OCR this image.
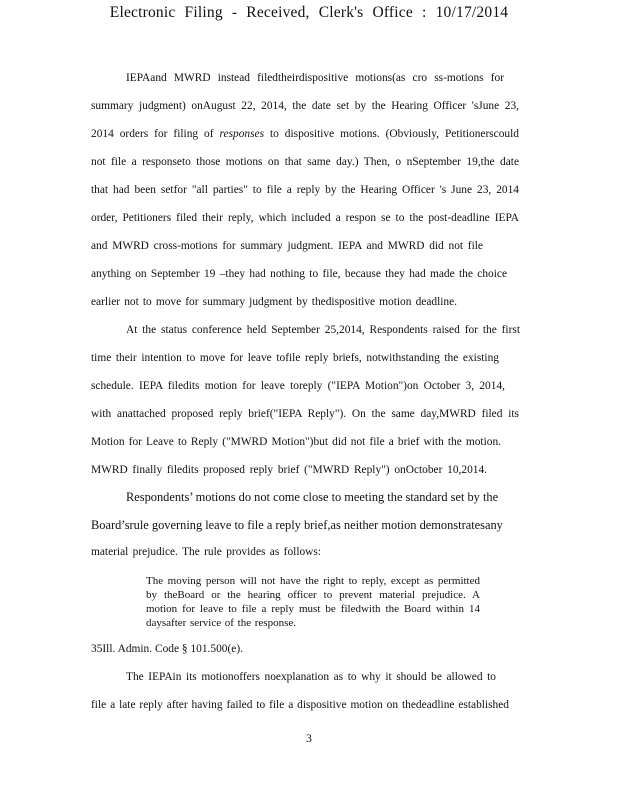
Electronic Filing - Received, Clerk's Office : 10/17/2014
IEPAand MWRD instead filedtheirdispositive motions(as cro ss-motions for
summary judgment) onAugust 22, 2014, the date set by the Hearing Officer 'sJune 23,
2014 orders for filing of responses to dispositive motions. (Obviously, Petitionerscould
not file a responseto those motions on that same day.) Then, o nSeptember 19,the date
that had been setfor "all parties" to file a reply by the Hearing Officer 's June 23, 2014
order, Petitioners filed their reply, which included a respon se to the post-deadline IEPA
and MWRD cross-motions for summary judgment. IEPA and MWRD did not file
anything on September 19 –they had nothing to file, because they had made the choice
earlier not to move for summary judgment by thedispositive motion deadline.
At the status conference held September 25,2014, Respondents raised for the first
time their intention to move for leave tofile reply briefs, notwithstanding the existing
schedule. IEPA filedits motion for leave toreply ("IEPA Motion")on October 3, 2014,
with anattached proposed reply brief("IEPA Reply"). On the same day,MWRD filed its
Motion for Leave to Reply ("MWRD Motion")but did not file a brief with the motion.
MWRD finally filedits proposed reply brief ("MWRD Reply") onOctober 10,2014.
Respondents’ motions do not come close to meeting the standard set by the
Board’srule governing leave to file a reply brief,as neither motion demonstratesany
material prejudice. The rule provides as follows:
The moving person will not have the right to reply, except as permitted
by theBoard or the hearing officer to prevent material prejudice. A
motion for leave to file a reply must be filedwith the Board within 14
daysafter service of the response.
35Ill. Admin. Code § 101.500(e).
The IEPAin its motionoffers noexplanation as to why it should be allowed to
file a late reply after having failed to file a dispositive motion on thedeadline established
3
